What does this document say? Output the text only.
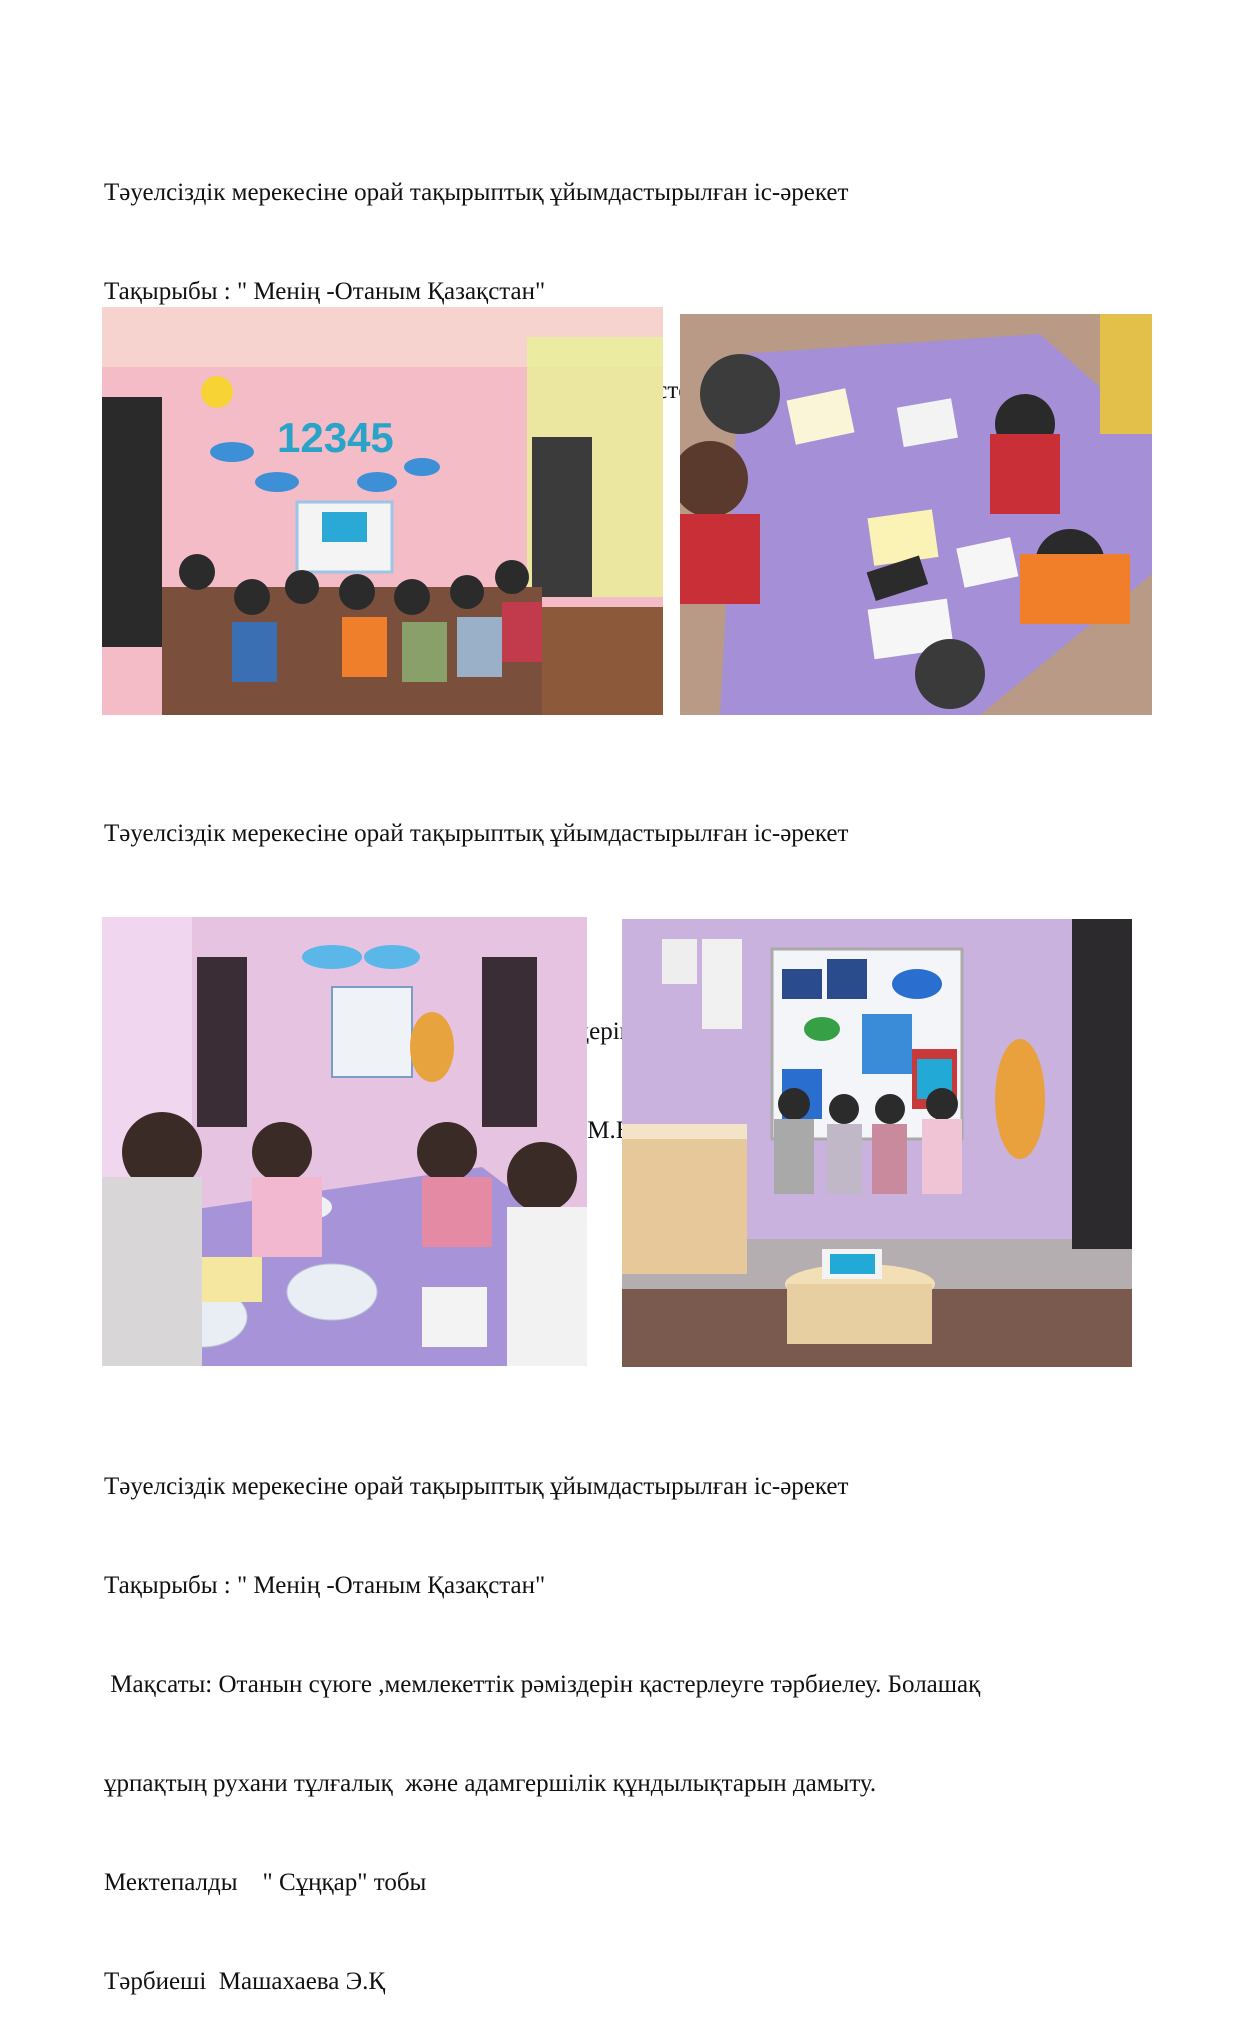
Тәуелсіздік мерекесіне орай тақырыптық ұйымдастырылған іс-әрекет

Тақырыбы : " Менің -Отаным Қазақстан"

12345

Тәуелсіздік мерекесіне орай тақырыптық ұйымдастырылған іс-әрекет

М.Б

Тәуелсіздік мерекесіне орай тақырыптық ұйымдастырылған іс-әрекет

Тақырыбы : " Менің -Отаным Қазақстан"

Мақсаты: Отанын сүюге ,мемлекеттік рәміздерін қастерлеуге тәрбиелеу. Болашақ

ұрпақтың рухани тұлғалық  және адамгершілік құндылықтарын дамыту.

Мектепалды    " Сұңқар" тобы

Тәрбиеші  Машахаева Э.Қ
